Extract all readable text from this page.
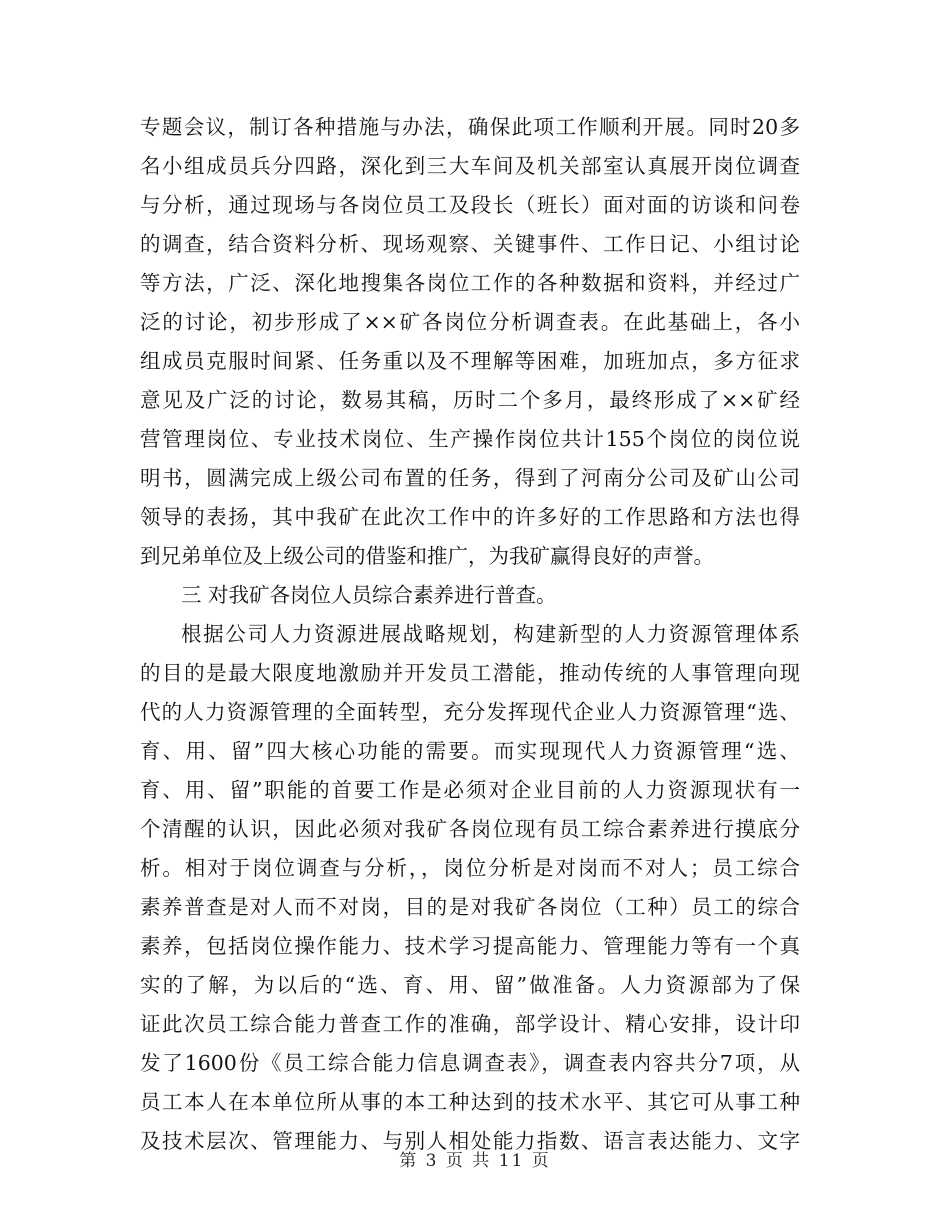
专题会议，制订各种措施与办法，确保此项工作顺利开展。同时20多
名小组成员兵分四路，深化到三大车间及机关部室认真展开岗位调查
与分析，通过现场与各岗位员工及段长（班长）面对面的访谈和问卷
的调查，结合资料分析、现场观察、关键事件、工作日记、小组讨论
等方法，广泛、深化地搜集各岗位工作的各种数据和资料，并经过广
泛的讨论，初步形成了××矿各岗位分析调查表。在此基础上，各小
组成员克服时间紧、任务重以及不理解等困难，加班加点，多方征求
意见及广泛的讨论，数易其稿，历时二个多月，最终形成了××矿经
营管理岗位、专业技术岗位、生产操作岗位共计155个岗位的岗位说
明书，圆满完成上级公司布置的任务，得到了河南分公司及矿山公司
领导的表扬，其中我矿在此次工作中的许多好的工作思路和方法也得
到兄弟单位及上级公司的借鉴和推广，为我矿赢得良好的声誉。
三 对我矿各岗位人员综合素养进行普查。
根据公司人力资源进展战略规划，构建新型的人力资源管理体系
的目的是最大限度地激励并开发员工潜能，推动传统的人事管理向现
代的人力资源管理的全面转型，充分发挥现代企业人力资源管理“选、
育、用、留”四大核心功能的需要。而实现现代人力资源管理“选、
育、用、留”职能的首要工作是必须对企业目前的人力资源现状有一
个清醒的认识，因此必须对我矿各岗位现有员工综合素养进行摸底分
析。相对于岗位调查与分析，，岗位分析是对岗而不对人；员工综合
素养普查是对人而不对岗，目的是对我矿各岗位（工种）员工的综合
素养，包括岗位操作能力、技术学习提高能力、管理能力等有一个真
实的了解，为以后的“选、育、用、留”做准备。人力资源部为了保
证此次员工综合能力普查工作的准确，部学设计、精心安排，设计印
发了1600份《员工综合能力信息调查表》，调查表内容共分7项，从
员工本人在本单位所从事的本工种达到的技术水平、其它可从事工种
及技术层次、管理能力、与别人相处能力指数、语言表达能力、文字
第 3 页 共 11 页
